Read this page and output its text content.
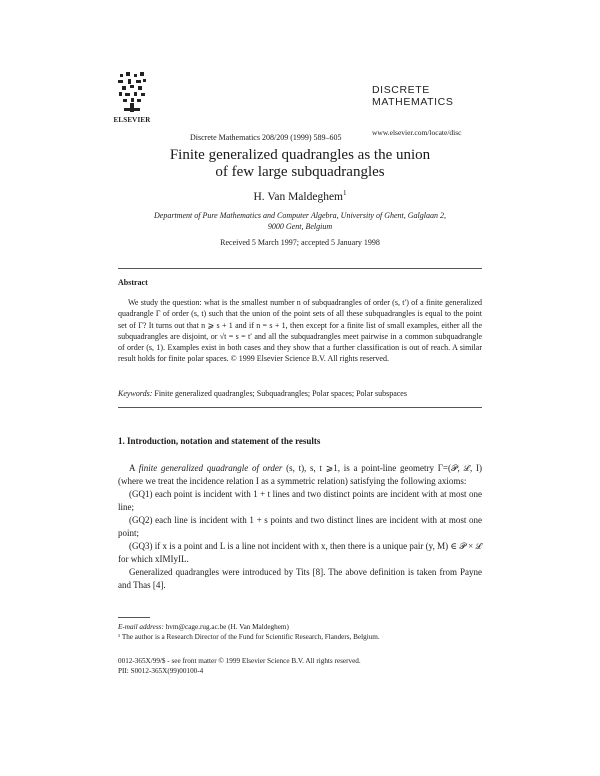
ELSEVIER
Discrete Mathematics 208/209 (1999) 589–605
DISCRETE
MATHEMATICS
www.elsevier.com/locate/disc
Finite generalized quadrangles as the union
of few large subquadrangles
H. Van Maldeghem$^1$
Department of Pure Mathematics and Computer Algebra, University of Ghent, Galglaan 2,
9000 Gent, Belgium
Received 5 March 1997; accepted 5 January 1998
Abstract

We study the question: what is the smallest number n of subquadrangles of order (s, t′) of a finite generalized quadrangle Γ of order (s, t) such that the union of the point sets of all these subquadrangles is equal to the point set of Γ? It turns out that n ⩾ s + 1 and if n = s + 1, then except for a finite list of small examples, either all the subquadrangles are disjoint, or √t = s = t′ and all the subquadrangles meet pairwise in a common subquadrangle of order (s, 1). Examples exist in both cases and they show that a further classification is out of reach. A similar result holds for finite polar spaces. © 1999 Elsevier Science B.V. All rights reserved.

Keywords: Finite generalized quadrangles; Subquadrangles; Polar spaces; Polar subspaces
1. Introduction, notation and statement of the results

A finite generalized quadrangle of order (s, t), s, t ⩾1, is a point-line geometry Γ=(𝒫, ℒ, I) (where we treat the incidence relation I as a symmetric relation) satisfying the following axioms:

(GQ1) each point is incident with 1 + t lines and two distinct points are incident with at most one line;

(GQ2) each line is incident with 1 + s points and two distinct lines are incident with at most one point;

(GQ3) if x is a point and L is a line not incident with x, then there is a unique pair (y, M) ∈ 𝒫 × ℒ for which xIMIyIL.

Generalized quadrangles were introduced by Tits [8]. The above definition is taken from Payne and Thas [4].

E-mail address: hvm@cage.rug.ac.be (H. Van Maldeghem)
¹ The author is a Research Director of the Fund for Scientific Research, Flanders, Belgium.
0012-365X/99/$ - see front matter © 1999 Elsevier Science B.V. All rights reserved.
PII: S0012-365X(99)00100-4
